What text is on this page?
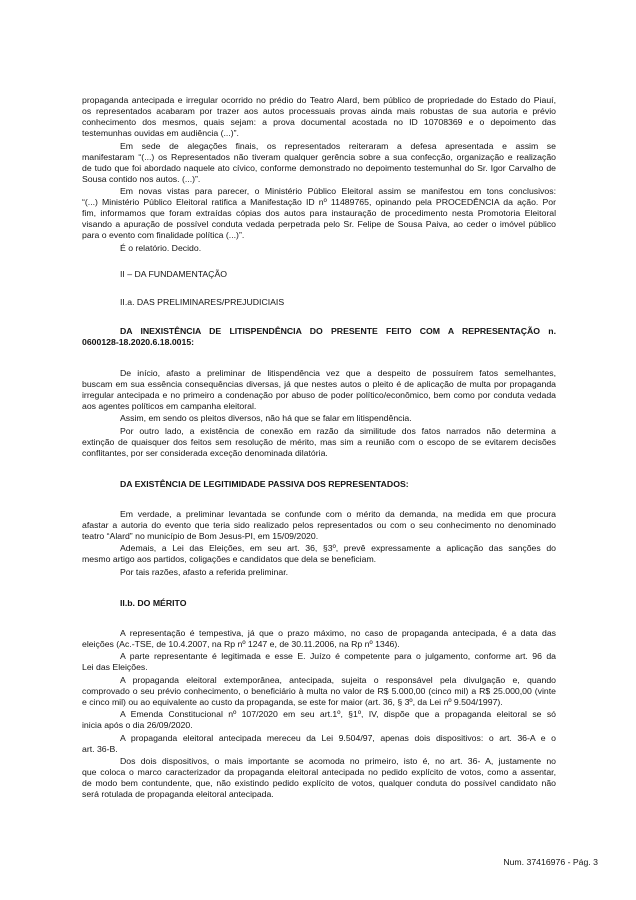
propaganda antecipada e irregular ocorrido no prédio do Teatro Alard, bem público de propriedade do Estado do Piauí,
os representados acabaram por trazer aos autos processuais provas ainda mais robustas de sua autoria e prévio
conhecimento dos mesmos, quais sejam: a prova documental acostada no ID 10708369 e o depoimento das
testemunhas ouvidas em audiência (...)”.
Em sede de alegações finais, os representados reiteraram a defesa apresentada e assim se
manifestaram “(...) os Representados não tiveram qualquer gerência sobre a sua confecção, organização e realização
de tudo que foi abordado naquele ato cívico, conforme demonstrado no depoimento testemunhal do Sr. Igor Carvalho de
Sousa contido nos autos. (...)”.
Em novas vistas para parecer, o Ministério Público Eleitoral assim se manifestou em tons conclusivos:
“(...) Ministério Público Eleitoral ratifica a Manifestação ID nº 11489765, opinando pela PROCEDÊNCIA da ação. Por
fim, informamos que foram extraídas cópias dos autos para instauração de procedimento nesta Promotoria Eleitoral
visando a apuração de possível conduta vedada perpetrada pelo Sr. Felipe de Sousa Paiva, ao ceder o imóvel público
para o evento com finalidade política (...)”.
É o relatório. Decido.
II – DA FUNDAMENTAÇÃO
II.a. DAS PRELIMINARES/PREJUDICIAIS
DA INEXISTÊNCIA DE LITISPENDÊNCIA DO PRESENTE FEITO COM A REPRESENTAÇÃO n.
0600128-18.2020.6.18.0015:
De início, afasto a preliminar de litispendência vez que a despeito de possuírem fatos semelhantes,
buscam em sua essência consequências diversas, já que nestes autos o pleito é de aplicação de multa por propaganda
irregular antecipada e no primeiro a condenação por abuso de poder político/econômico, bem como por conduta vedada
aos agentes políticos em campanha eleitoral.
Assim, em sendo os pleitos diversos, não há que se falar em litispendência.
Por outro lado, a existência de conexão em razão da similitude dos fatos narrados não determina a
extinção de quaisquer dos feitos sem resolução de mérito, mas sim a reunião com o escopo de se evitarem decisões
conflitantes, por ser considerada exceção denominada dilatória.
DA EXISTÊNCIA DE LEGITIMIDADE PASSIVA DOS REPRESENTADOS:
Em verdade, a preliminar levantada se confunde com o mérito da demanda, na medida em que procura
afastar a autoria do evento que teria sido realizado pelos representados ou com o seu conhecimento no denominado
teatro “Alard” no município de Bom Jesus-PI, em 15/09/2020.
Ademais, a Lei das Eleições, em seu art. 36, §3º, prevê expressamente a aplicação das sanções do
mesmo artigo aos partidos, coligações e candidatos que dela se beneficiam.
Por tais razões, afasto a referida preliminar.
II.b. DO MÉRITO
A representação é tempestiva, já que o prazo máximo, no caso de propaganda antecipada, é a data das
eleições (Ac.-TSE, de 10.4.2007, na Rp nº 1247 e, de 30.11.2006, na Rp nº 1346).
A parte representante é legitimada e esse E. Juízo é competente para o julgamento, conforme art. 96 da
Lei das Eleições.
A propaganda eleitoral extemporânea, antecipada, sujeita o responsável pela divulgação e, quando
comprovado o seu prévio conhecimento, o beneficiário à multa no valor de R$ 5.000,00 (cinco mil) a R$ 25.000,00 (vinte
e cinco mil) ou ao equivalente ao custo da propaganda, se este for maior (art. 36, § 3º, da Lei nº 9.504/1997).
A Emenda Constitucional nº 107/2020 em seu art.1º, §1º, IV, dispõe que a propaganda eleitoral se só
inicia após o dia 26/09/2020.
A propaganda eleitoral antecipada mereceu da Lei 9.504/97, apenas dois dispositivos: o art. 36-A e o
art. 36-B.
Dos dois dispositivos, o mais importante se acomoda no primeiro, isto é, no art. 36- A, justamente no
que coloca o marco caracterizador da propaganda eleitoral antecipada no pedido explícito de votos, como a assentar,
de modo bem contundente, que, não existindo pedido explícito de votos, qualquer conduta do possível candidato não
será rotulada de propaganda eleitoral antecipada.
Num. 37416976 - Pág. 3
